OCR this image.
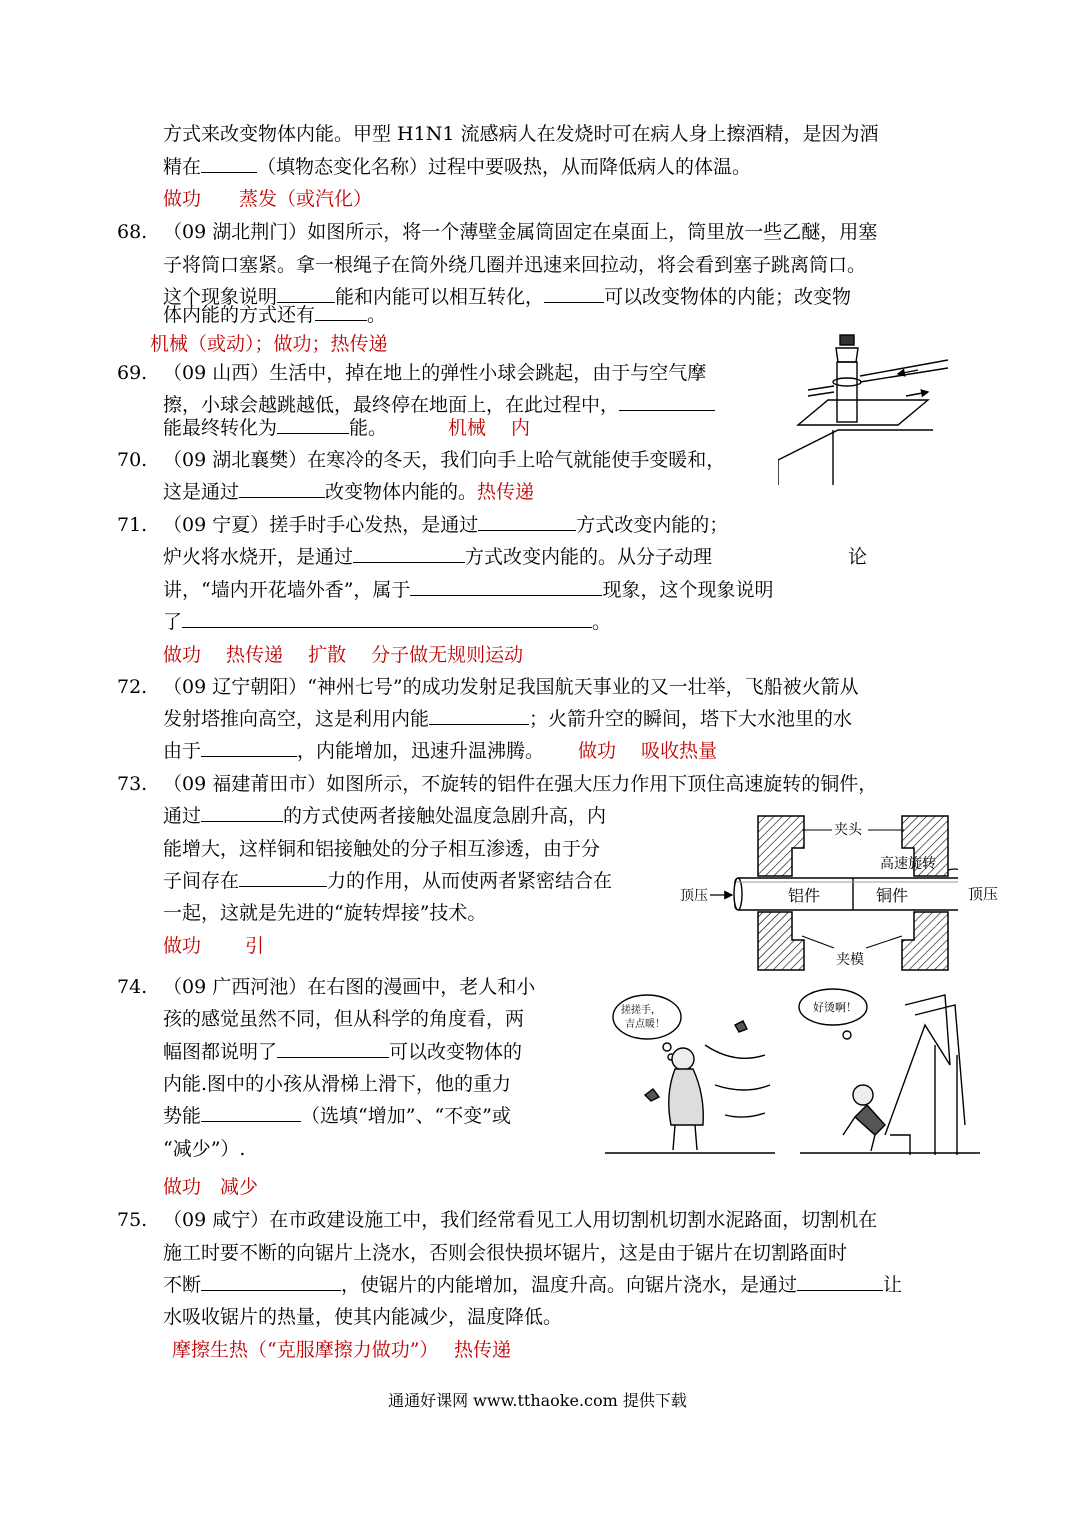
方式来改变物体内能。甲型 H1N1 流感病人在发烧时可在病人身上擦酒精，是因为酒
精在	（填物态变化名称）过程中要吸热，从而降低病人的体温。
做功　　蒸发（或汽化）
68. （09 湖北荆门）如图所示，将一个薄壁金属筒固定在桌面上，筒里放一些乙醚，用塞
子将筒口塞紧。拿一根绳子在筒外绕几圈并迅速来回拉动，将会看到塞子跳离筒口。
这个现象说明	能和内能可以相互转化，	可以改变物体的内能；改变物
体内能的方式还有	。
机械（或动）；做功；热传递
69. （09 山西）生活中，掉在地上的弹性小球会跳起，由于与空气摩
擦，小球会越跳越低，最终停在地面上，在此过程中，
能最终转化为	能。	机械　 内
70. （09 湖北襄樊）在寒冷的冬天，我们向手上哈气就能使手变暖和，
这是通过	改变物体内能的。热传递
71. （09 宁夏）搓手时手心发热，是通过	方式改变内能的；
炉火将水烧开，是通过	方式改变内能的。从分子动理	论
讲，“墙内开花墙外香”，属于	现象，这个现象说明
了	。
做功　 热传递　 扩散　 分子做无规则运动
72. （09 辽宁朝阳）“神州七号”的成功发射足我国航天事业的又一壮举，飞船被火箭从
发射塔推向高空，这是利用内能	；火箭升空的瞬间，塔下大水池里的水
由于	，内能增加，迅速升温沸腾。 做功　 吸收热量
73. （09 福建莆田市）如图所示，不旋转的铝件在强大压力作用下顶住高速旋转的铜件，
通过	的方式使两者接触处温度急剧升高，内
能增大，这样铜和铝接触处的分子相互渗透，由于分
子间存在	力的作用，从而使两者紧密结合在
一起，这就是先进的“旋转焊接”技术。
做功　　 引
铝件	铜件
夹头
夹模
高速旋转
顶压	顶压
74. （09 广西河池）在右图的漫画中，老人和小
孩的感觉虽然不同，但从科学的角度看，两
幅图都说明了	可以改变物体的
内能.图中的小孩从滑梯上滑下，他的重力
势能	（选填“增加”、“不变”或
“减少”）.
做功　减少
搓搓手，
吉点暖！
好烫啊！
75. （09 咸宁）在市政建设施工中，我们经常看见工人用切割机切割水泥路面，切割机在
施工时要不断的向锯片上浇水，否则会很快损坏锯片，这是由于锯片在切割路面时
不断	，使锯片的内能增加，温度升高。向锯片浇水，是通过	让
水吸收锯片的热量，使其内能减少，温度降低。
摩擦生热（“克服摩擦力做功”）　 热传递
通通好课网 www.tthaoke.com 提供下载
